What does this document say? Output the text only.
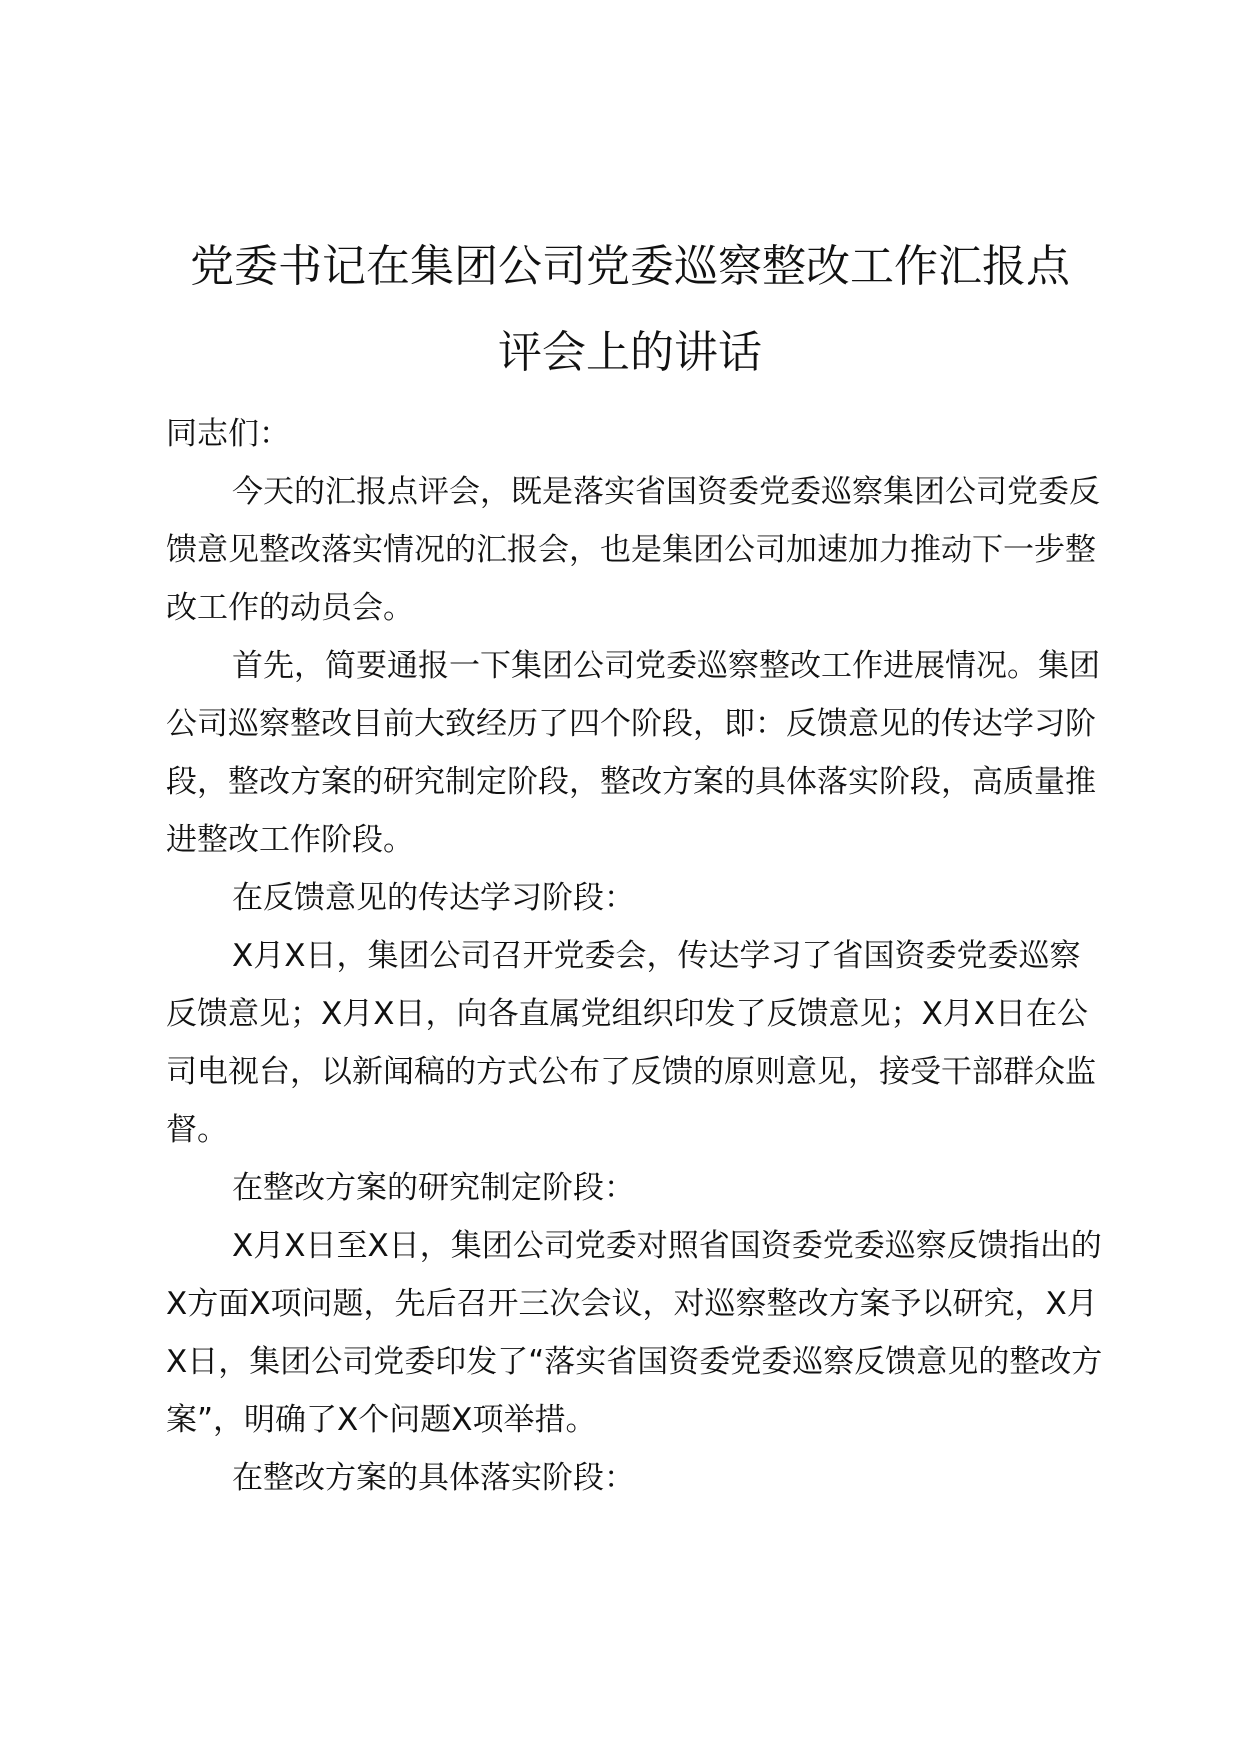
党委书记在集团公司党委巡察整改工作汇报点
评会上的讲话

同志们：

今天的汇报点评会，既是落实省国资委党委巡察集团公司党委反馈意见整改落实情况的汇报会，也是集团公司加速加力推动下一步整改工作的动员会。

首先，简要通报一下集团公司党委巡察整改工作进展情况。集团公司巡察整改目前大致经历了四个阶段，即：反馈意见的传达学习阶段，整改方案的研究制定阶段，整改方案的具体落实阶段，高质量推进整改工作阶段。

在反馈意见的传达学习阶段：

X月X日，集团公司召开党委会，传达学习了省国资委党委巡察反馈意见；X月X日，向各直属党组织印发了反馈意见；X月X日在公司电视台，以新闻稿的方式公布了反馈的原则意见，接受干部群众监督。

在整改方案的研究制定阶段：

X月X日至X日，集团公司党委对照省国资委党委巡察反馈指出的X方面X项问题，先后召开三次会议，对巡察整改方案予以研究，X月X日，集团公司党委印发了“落实省国资委党委巡察反馈意见的整改方案”，明确了X个问题X项举措。

在整改方案的具体落实阶段：
